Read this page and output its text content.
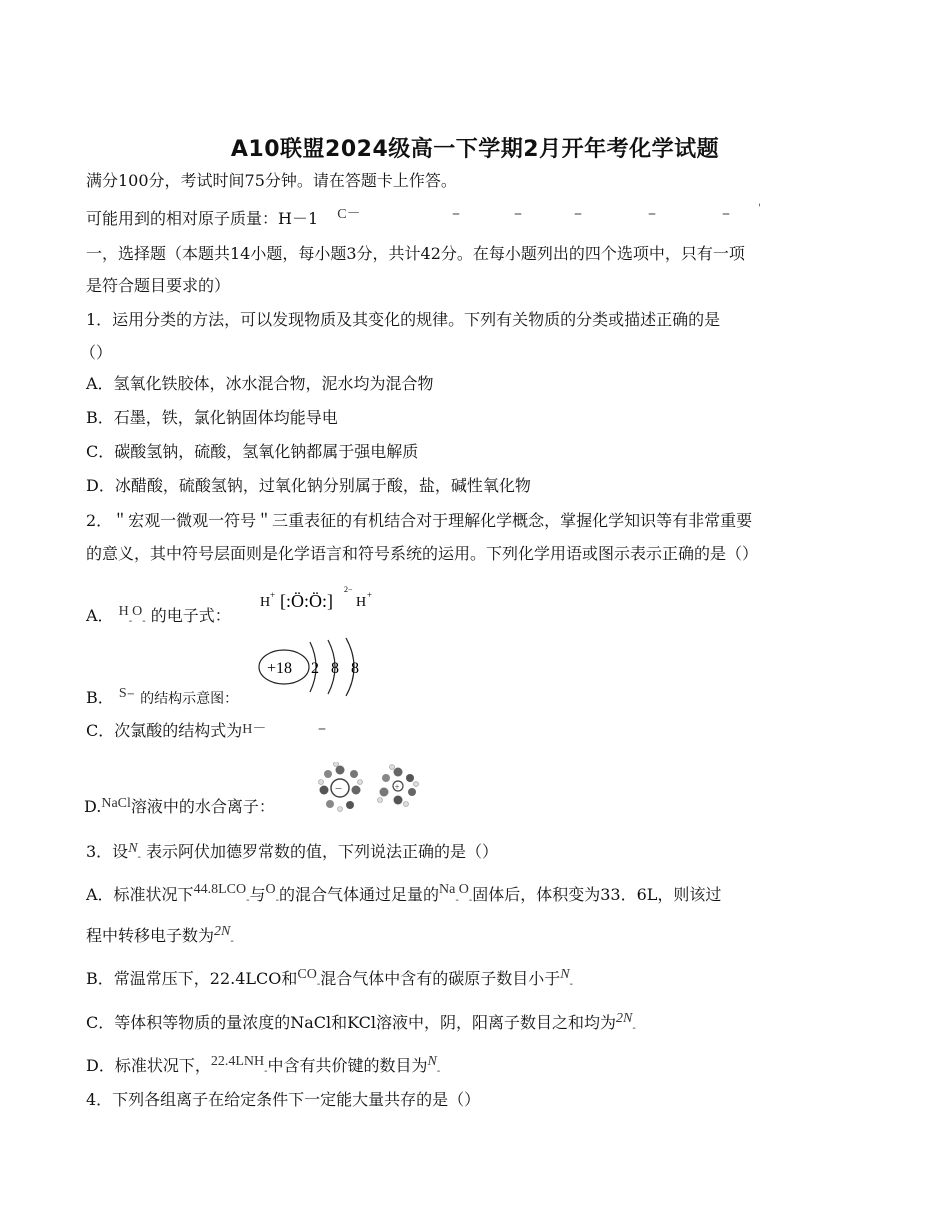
A10联盟2024级高一下学期2月开年考化学试题
满分100分，考试时间75分钟。请在答题卡上作答。
可能用到的相对原子质量：H－1 C－	–	–	–	–	–	'
一，选择题（本题共14小题，每小题3分，共计42分。在每小题列出的四个选项中，只有一项
是符合题目要求的）
1．运用分类的方法，可以发现物质及其变化的规律。下列有关物质的分类或描述正确的是
（）
A．氢氧化铁胶体，冰水混合物，泥水均为混合物
B．石墨，铁，氯化钠固体均能导电
C．碳酸氢钠，硫酸，氢氧化钠都属于强电解质
D．冰醋酸，硫酸氢钠，过氧化钠分别属于酸，盐，碱性氧化物
2．＂宏观一微观一符号＂三重表征的有机结合对于理解化学概念，掌握化学知识等有非常重要
的意义，其中符号层面则是化学语言和符号系统的运用。下列化学用语或图示表示正确的是（）
A． $H_-O_-$ 的电子式：
H + [:Ö:Ö:]
2−
H +
+18 2 8 8
B． S− 的结构示意图：
C．次氯酸的结构式为H－	–
−	+
D.NaCl溶液中的水合离子：
3．设$N_-$ 表示阿伏加德罗常数的值，下列说法正确的是（）
A．标准状况下$44.8LCO_-$与$O_-$的混合气体通过足量的$Na_-O_-$固体后，体积变为33．6L，则该过
程中转移电子数为$2N_-$
B．常温常压下，22.4LCO和$CO_-$混合气体中含有的碳原子数目小于$N_-$
C．等体积等物质的量浓度的NaCl和KCl溶液中，阴，阳离子数目之和均为$2N_-$
D．标准状况下，$22.4LNH_-$中含有共价键的数目为$N_-$
4．下列各组离子在给定条件下一定能大量共存的是（）
